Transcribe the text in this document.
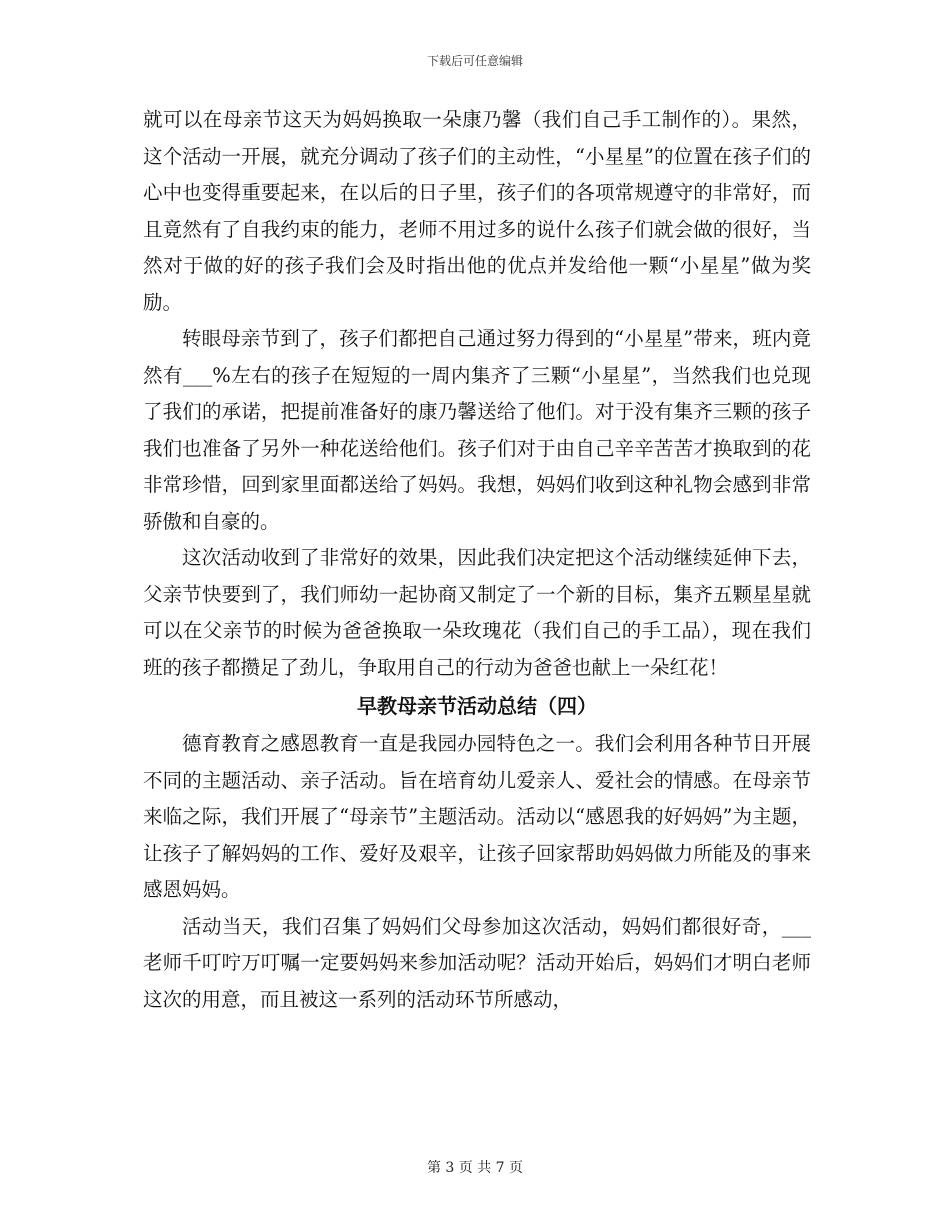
下载后可任意编辑

就可以在母亲节这天为妈妈换取一朵康乃馨（我们自己手工制作的）。果然，这个活动一开展，就充分调动了孩子们的主动性，“小星星”的位置在孩子们的心中也变得重要起来，在以后的日子里，孩子们的各项常规遵守的非常好，而且竟然有了自我约束的能力，老师不用过多的说什么孩子们就会做的很好，当然对于做的好的孩子我们会及时指出他的优点并发给他一颗“小星星”做为奖励。

转眼母亲节到了，孩子们都把自己通过努力得到的“小星星”带来，班内竟然有___%左右的孩子在短短的一周内集齐了三颗“小星星”，当然我们也兑现了我们的承诺，把提前准备好的康乃馨送给了他们。对于没有集齐三颗的孩子我们也准备了另外一种花送给他们。孩子们对于由自己辛辛苦苦才换取到的花非常珍惜，回到家里面都送给了妈妈。我想，妈妈们收到这种礼物会感到非常骄傲和自豪的。

这次活动收到了非常好的效果，因此我们决定把这个活动继续延伸下去，父亲节快要到了，我们师幼一起协商又制定了一个新的目标，集齐五颗星星就可以在父亲节的时候为爸爸换取一朵玫瑰花（我们自己的手工品），现在我们班的孩子都攒足了劲儿，争取用自己的行动为爸爸也献上一朵红花！

早教母亲节活动总结（四）

德育教育之感恩教育一直是我园办园特色之一。我们会利用各种节日开展不同的主题活动、亲子活动。旨在培育幼儿爱亲人、爱社会的情感。在母亲节来临之际，我们开展了“母亲节”主题活动。活动以“感恩我的好妈妈”为主题，让孩子了解妈妈的工作、爱好及艰辛，让孩子回家帮助妈妈做力所能及的事来感恩妈妈。

活动当天，我们召集了妈妈们父母参加这次活动，妈妈们都很好奇，___老师千叮咛万叮嘱一定要妈妈来参加活动呢？活动开始后，妈妈们才明白老师这次的用意，而且被这一系列的活动环节所感动，

第 3 页 共 7 页
